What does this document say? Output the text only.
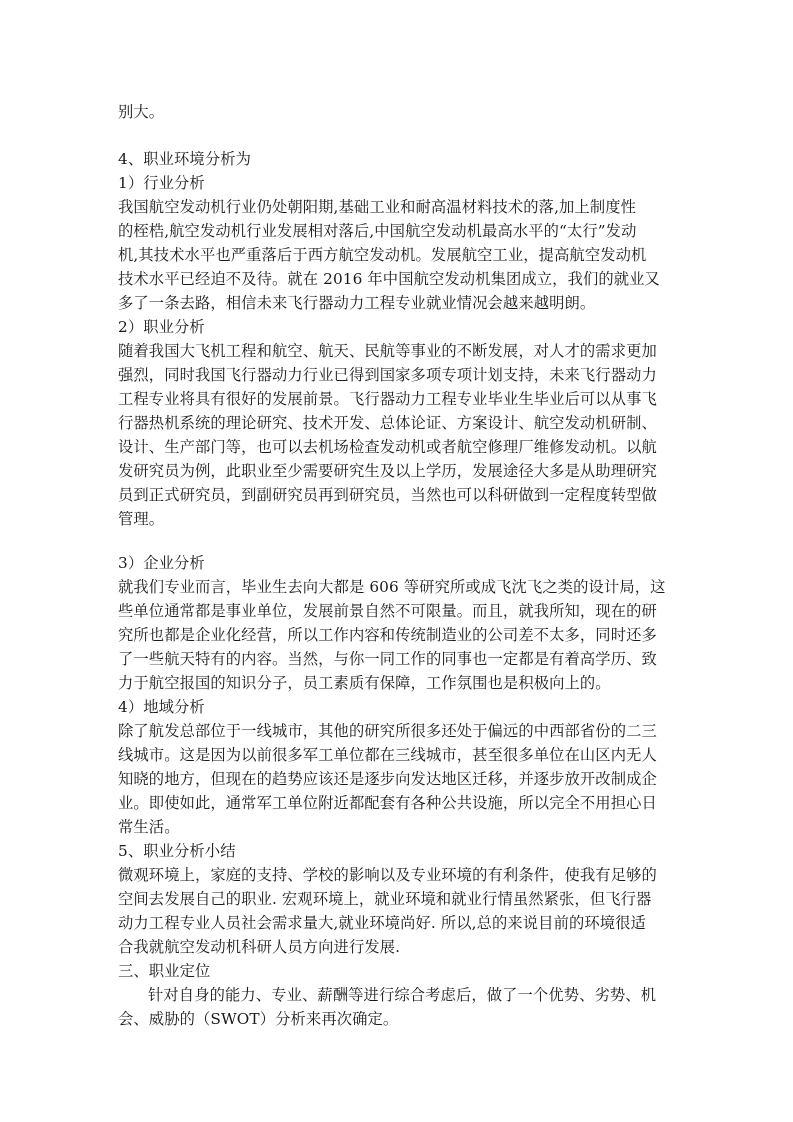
别大。
4、职业环境分析为
1）行业分析
我国航空发动机行业仍处朝阳期,基础工业和耐高温材料技术的落,加上制度性
的桎梏,航空发动机行业发展相对落后,中国航空发动机最高水平的“太行”发动
机,其技术水平也严重落后于西方航空发动机。发展航空工业，提高航空发动机
技术水平已经迫不及待。就在 2016 年中国航空发动机集团成立，我们的就业又
多了一条去路，相信未来飞行器动力工程专业就业情况会越来越明朗。
2）职业分析
随着我国大飞机工程和航空、航天、民航等事业的不断发展，对人才的需求更加
强烈，同时我国飞行器动力行业已得到国家多项专项计划支持，未来飞行器动力
工程专业将具有很好的发展前景。飞行器动力工程专业毕业生毕业后可以从事飞
行器热机系统的理论研究、技术开发、总体论证、方案设计、航空发动机研制、
设计、生产部门等，也可以去机场检查发动机或者航空修理厂维修发动机。以航
发研究员为例，此职业至少需要研究生及以上学历，发展途径大多是从助理研究
员到正式研究员，到副研究员再到研究员，当然也可以科研做到一定程度转型做
管理。
3）企业分析
就我们专业而言，毕业生去向大都是 606 等研究所或成飞沈飞之类的设计局，这
些单位通常都是事业单位，发展前景自然不可限量。而且，就我所知，现在的研
究所也都是企业化经营，所以工作内容和传统制造业的公司差不太多，同时还多
了一些航天特有的内容。当然，与你一同工作的同事也一定都是有着高学历、致
力于航空报国的知识分子，员工素质有保障，工作氛围也是积极向上的。
4）地域分析
除了航发总部位于一线城市，其他的研究所很多还处于偏远的中西部省份的二三
线城市。这是因为以前很多军工单位都在三线城市，甚至很多单位在山区内无人
知晓的地方，但现在的趋势应该还是逐步向发达地区迁移，并逐步放开改制成企
业。即使如此，通常军工单位附近都配套有各种公共设施，所以完全不用担心日
常生活。
5、职业分析小结
微观环境上，家庭的支持、学校的影响以及专业环境的有利条件，使我有足够的
空间去发展自己的职业. 宏观环境上，就业环境和就业行情虽然紧张，但飞行器
动力工程专业人员社会需求量大,就业环境尚好. 所以,总的来说目前的环境很适
合我就航空发动机科研人员方向进行发展.
三、职业定位
针对自身的能力、专业、薪酬等进行综合考虑后，做了一个优势、劣势、机
会、威胁的（SWOT）分析来再次确定。
